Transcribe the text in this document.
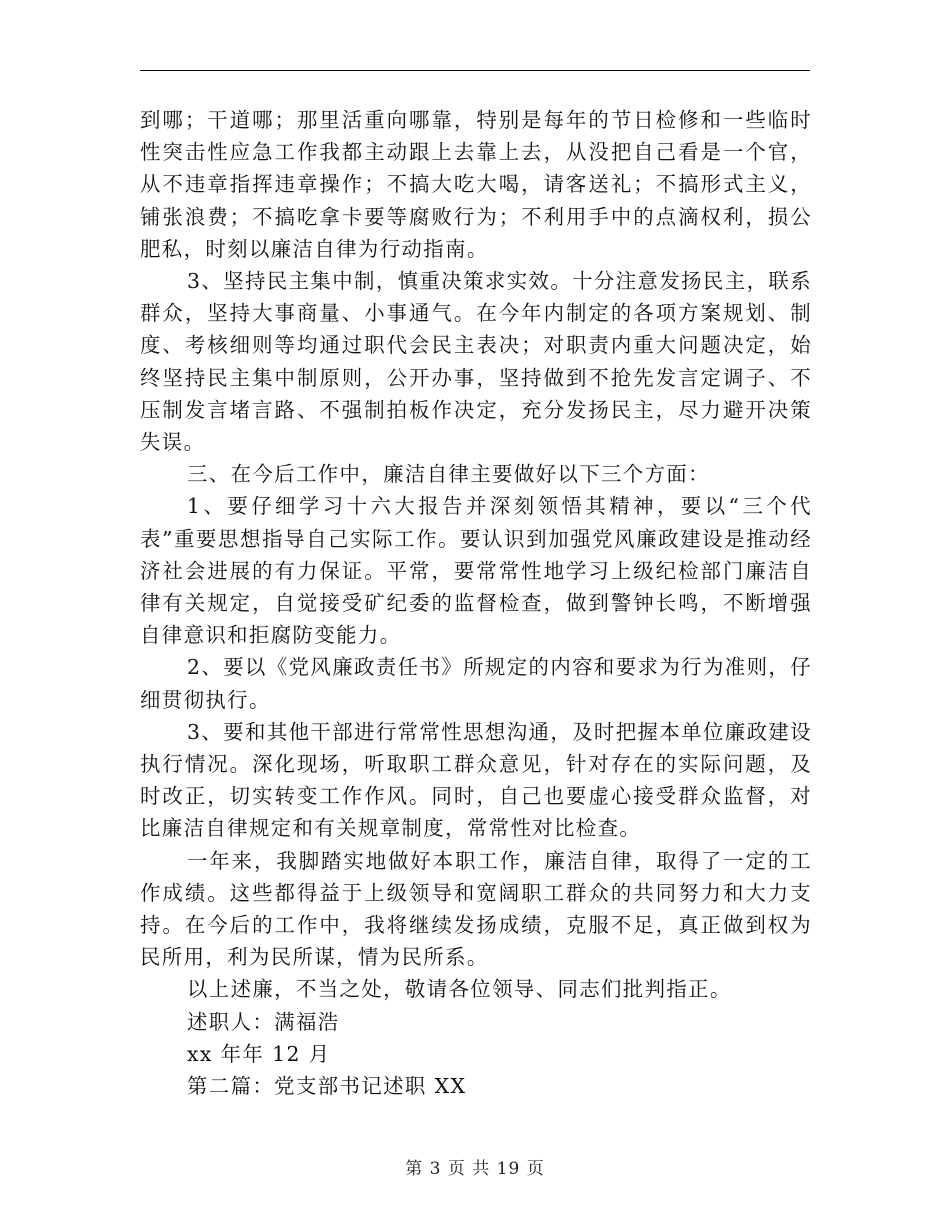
到哪；干道哪；那里活重向哪靠，特别是每年的节日检修和一些临时性突击性应急工作我都主动跟上去靠上去，从没把自己看是一个官，从不违章指挥违章操作；不搞大吃大喝，请客送礼；不搞形式主义，铺张浪费；不搞吃拿卡要等腐败行为；不利用手中的点滴权利，损公肥私，时刻以廉洁自律为行动指南。

3、坚持民主集中制，慎重决策求实效。十分注意发扬民主，联系群众，坚持大事商量、小事通气。在今年内制定的各项方案规划、制度、考核细则等均通过职代会民主表决；对职责内重大问题决定，始终坚持民主集中制原则，公开办事，坚持做到不抢先发言定调子、不压制发言堵言路、不强制拍板作决定，充分发扬民主，尽力避开决策失误。

三、在今后工作中，廉洁自律主要做好以下三个方面：

1、要仔细学习十六大报告并深刻领悟其精神，要以“三个代表”重要思想指导自己实际工作。要认识到加强党风廉政建设是推动经济社会进展的有力保证。平常，要常常性地学习上级纪检部门廉洁自律有关规定，自觉接受矿纪委的监督检查，做到警钟长鸣，不断增强自律意识和拒腐防变能力。

2、要以《党风廉政责任书》所规定的内容和要求为行为准则，仔细贯彻执行。

3、要和其他干部进行常常性思想沟通，及时把握本单位廉政建设执行情况。深化现场，听取职工群众意见，针对存在的实际问题，及时改正，切实转变工作作风。同时，自己也要虚心接受群众监督，对比廉洁自律规定和有关规章制度，常常性对比检查。

一年来，我脚踏实地做好本职工作，廉洁自律，取得了一定的工作成绩。这些都得益于上级领导和宽阔职工群众的共同努力和大力支持。在今后的工作中，我将继续发扬成绩，克服不足，真正做到权为民所用，利为民所谋，情为民所系。

以上述廉，不当之处，敬请各位领导、同志们批判指正。

述职人：满福浩

xx 年年 12 月

第二篇：党支部书记述职 XX

第 3 页 共 19 页
